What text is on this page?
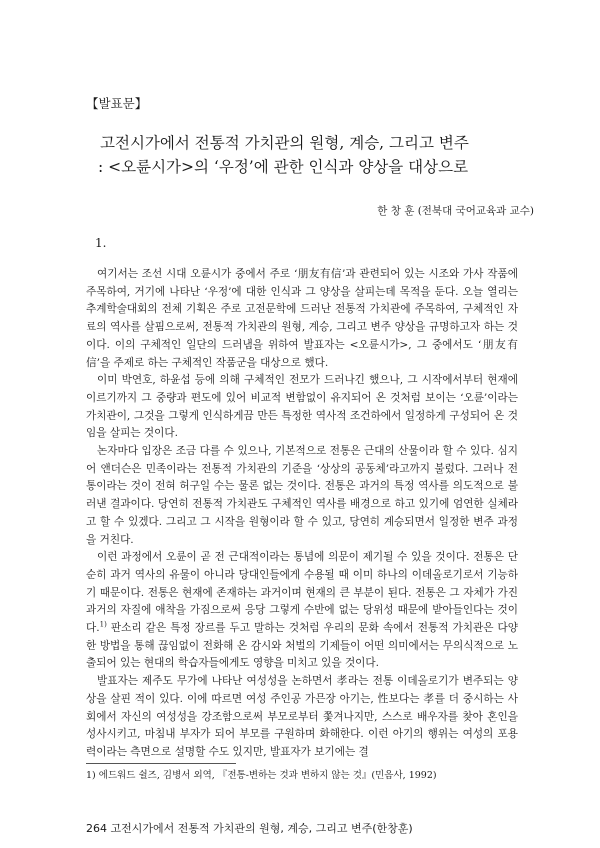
【발표문】
고전시가에서 전통적 가치관의 원형, 계승, 그리고 변주
: <오륜시가>의 ‘우정’에 관한 인식과 양상을 대상으로
한 창 훈 (전북대 국어교육과 교수)
1.

여기서는 조선 시대 오륜시가 중에서 주로 ‘朋友有信’과 관련되어 있는 시조와 가사 작품에 주목하여, 거기에 나타난 ‘우정’에 대한 인식과 그 양상을 살피는데 목적을 둔다. 오늘 열리는 추계학술대회의 전체 기획은 주로 고전문학에 드러난 전통적 가치관에 주목하여, 구체적인 자료의 역사를 살핌으로써, 전통적 가치관의 원형, 계승, 그리고 변주 양상을 규명하고자 하는 것이다. 이의 구체적인 일단의 드러냄을 위하여 발표자는 <오륜시가>, 그 중에서도 ‘朋友有信’을 주제로 하는 구체적인 작품군을 대상으로 했다.

이미 박연호, 하윤섭 등에 의해 구체적인 전모가 드러나긴 했으나, 그 시작에서부터 현재에 이르기까지 그 중량과 편도에 있어 비교적 변함없이 유지되어 온 것처럼 보이는 ‘오륜’이라는 가치관이, 그것을 그렇게 인식하게끔 만든 특정한 역사적 조건하에서 일정하게 구성되어 온 것임을 살피는 것이다.

논자마다 입장은 조금 다를 수 있으나, 기본적으로 전통은 근대의 산물이라 할 수 있다. 심지어 앤더슨은 민족이라는 전통적 가치관의 기준을 ‘상상의 공동체’라고까지 불렀다. 그러나 전통이라는 것이 전혀 허구일 수는 물론 없는 것이다. 전통은 과거의 특정 역사를 의도적으로 불러낸 결과이다. 당연히 전통적 가치관도 구체적인 역사를 배경으로 하고 있기에 엄연한 실체라고 할 수 있겠다. 그리고 그 시작을 원형이라 할 수 있고, 당연히 계승되면서 일정한 변주 과정을 거친다.

이런 과정에서 오륜이 곧 전 근대적이라는 통념에 의문이 제기될 수 있을 것이다. 전통은 단순히 과거 역사의 유물이 아니라 당대인들에게 수용될 때 이미 하나의 이데올로기로서 기능하기 때문이다. 전통은 현재에 존재하는 과거이며 현재의 큰 부분이 된다. 전통은 그 자체가 가진 과거의 자질에 애착을 가짐으로써 응당 그렇게 수반에 없는 당위성 때문에 받아들인다는 것이다.$^{1)}$ 판소리 같은 특정 장르를 두고 말하는 것처럼 우리의 문화 속에서 전통적 가치관은 다양한 방법을 통해 끊임없이 전화해 온 감시와 처벌의 기제들이 어떤 의미에서는 무의식적으로 노출되어 있는 현대의 학습자들에게도 영향을 미치고 있을 것이다.

발표자는 제주도 무가에 나타난 여성성을 논하면서 孝라는 전통 이데올로기가 변주되는 양상을 살핀 적이 있다. 이에 따르면 여성 주인공 가믄장 아기는, 性보다는 孝를 더 중시하는 사회에서 자신의 여성성을 강조함으로써 부모로부터 쫓겨나지만, 스스로 배우자를 찾아 혼인을 성사시키고, 마침내 부자가 되어 부모를 구원하며 화해한다. 이런 아기의 행위는 여성의 포용력이라는 측면으로 설명할 수도 있지만, 발표자가 보기에는 결

1) 에드워드 쉴즈, 김병서 외역, 『전통-변하는 것과 변하지 않는 것』(민음사, 1992)
264 고전시가에서 전통적 가치관의 원형, 계승, 그리고 변주(한창훈)
